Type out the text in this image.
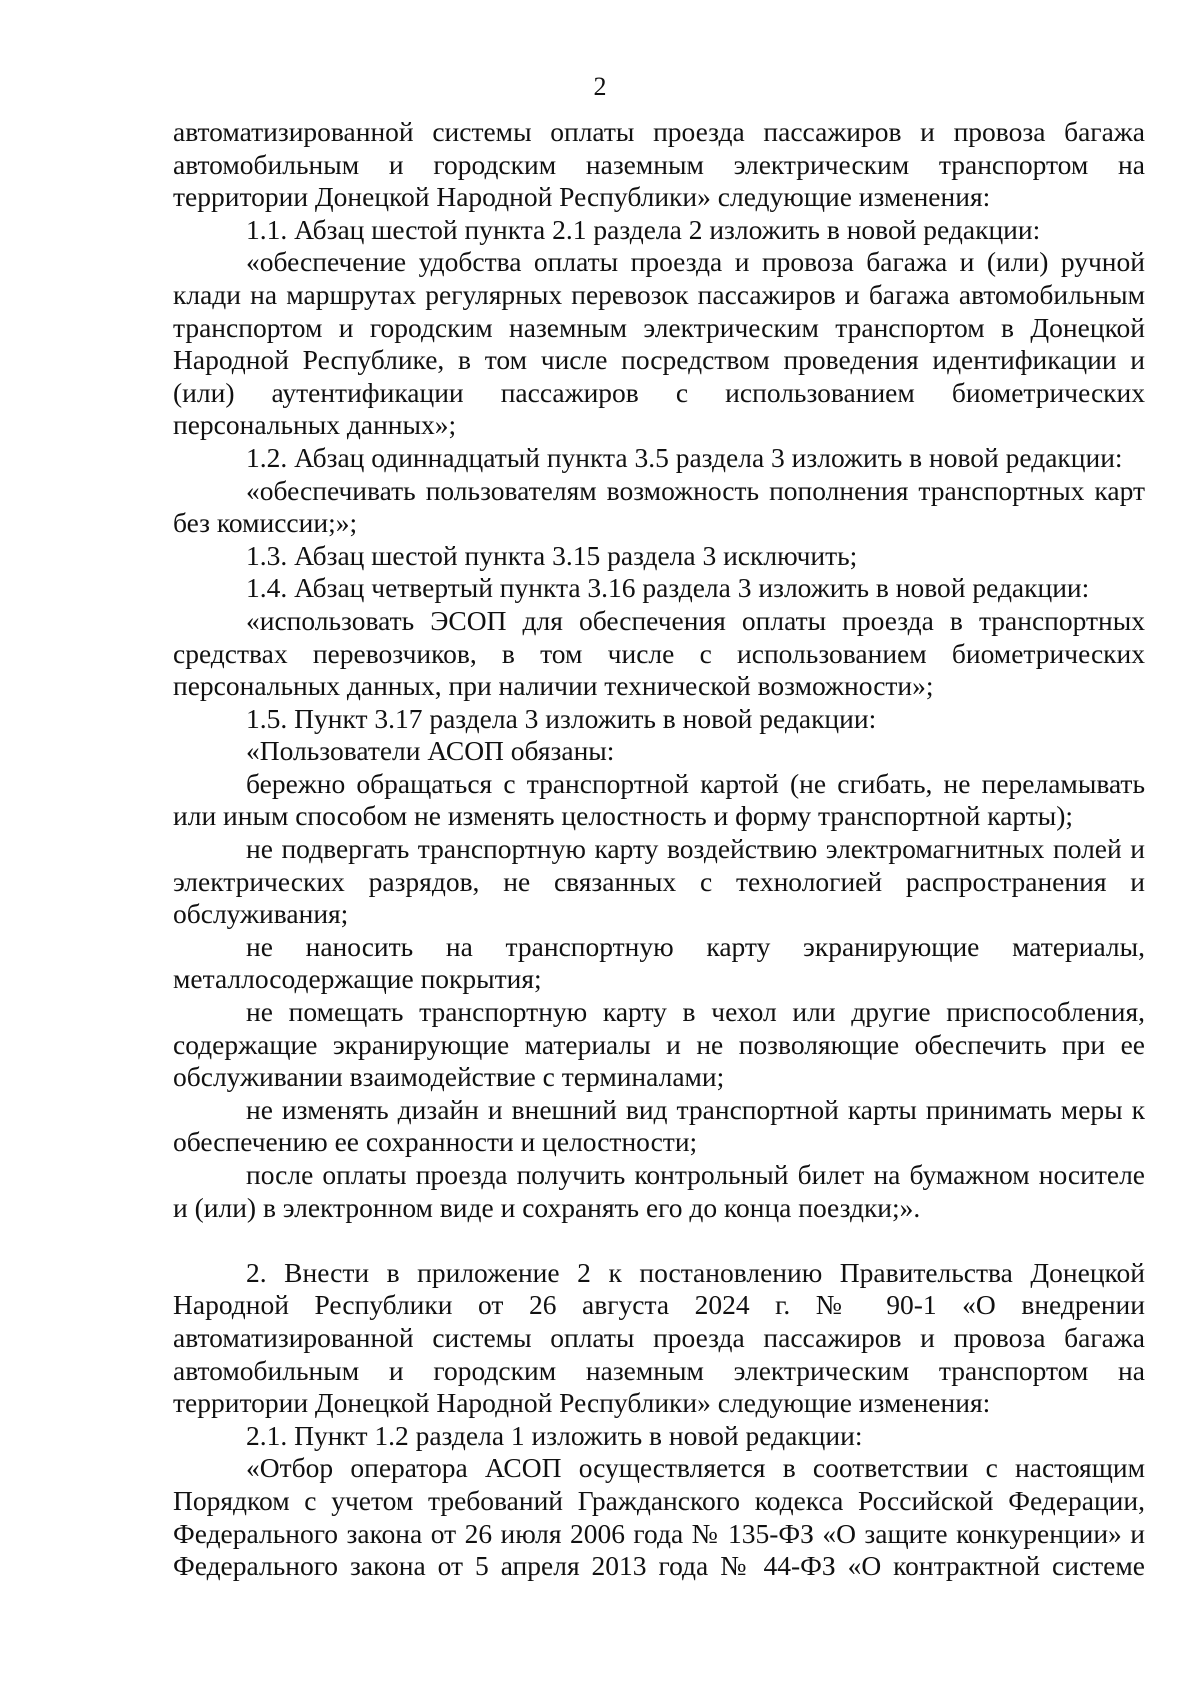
2

автоматизированной системы оплаты проезда пассажиров и провоза багажа автомобильным и городским наземным электрическим транспортом на территории Донецкой Народной Республики» следующие изменения:

1.1. Абзац шестой пункта 2.1 раздела 2 изложить в новой редакции:

«обеспечение удобства оплаты проезда и провоза багажа и (или) ручной клади на маршрутах регулярных перевозок пассажиров и багажа автомобильным транспортом и городским наземным электрическим транспортом в Донецкой Народной Республике, в том числе посредством проведения идентификации и (или) аутентификации пассажиров с использованием биометрических персональных данных»;

1.2. Абзац одиннадцатый пункта 3.5 раздела 3 изложить в новой редакции:

«обеспечивать пользователям возможность пополнения транспортных карт без комиссии;»;

1.3. Абзац шестой пункта 3.15 раздела 3 исключить;

1.4. Абзац четвертый пункта 3.16 раздела 3 изложить в новой редакции:

«использовать ЭСОП для обеспечения оплаты проезда в транспортных средствах перевозчиков, в том числе с использованием биометрических персональных данных, при наличии технической возможности»;

1.5. Пункт 3.17 раздела 3 изложить в новой редакции:

«Пользователи АСОП обязаны:

бережно обращаться с транспортной картой (не сгибать, не переламывать или иным способом не изменять целостность и форму транспортной карты);

не подвергать транспортную карту воздействию электромагнитных полей и электрических разрядов, не связанных с технологией распространения и обслуживания;

не наносить на транспортную карту экранирующие материалы, металлосодержащие покрытия;

не помещать транспортную карту в чехол или другие приспособления, содержащие экранирующие материалы и не позволяющие обеспечить при ее обслуживании взаимодействие с терминалами;

не изменять дизайн и внешний вид транспортной карты принимать меры к обеспечению ее сохранности и целостности;

после оплаты проезда получить контрольный билет на бумажном носителе и (или) в электронном виде и сохранять его до конца поездки;».

2. Внести в приложение 2 к постановлению Правительства Донецкой Народной Республики от 26 августа 2024 г. № 90-1 «О внедрении автоматизированной системы оплаты проезда пассажиров и провоза багажа автомобильным и городским наземным электрическим транспортом на территории Донецкой Народной Республики» следующие изменения:

2.1. Пункт 1.2 раздела 1 изложить в новой редакции:

«Отбор оператора АСОП осуществляется в соответствии с настоящим Порядком с учетом требований Гражданского кодекса Российской Федерации, Федерального закона от 26 июля 2006 года № 135-ФЗ «О защите конкуренции» и Федерального закона от 5 апреля 2013 года № 44-ФЗ «О контрактной системе
